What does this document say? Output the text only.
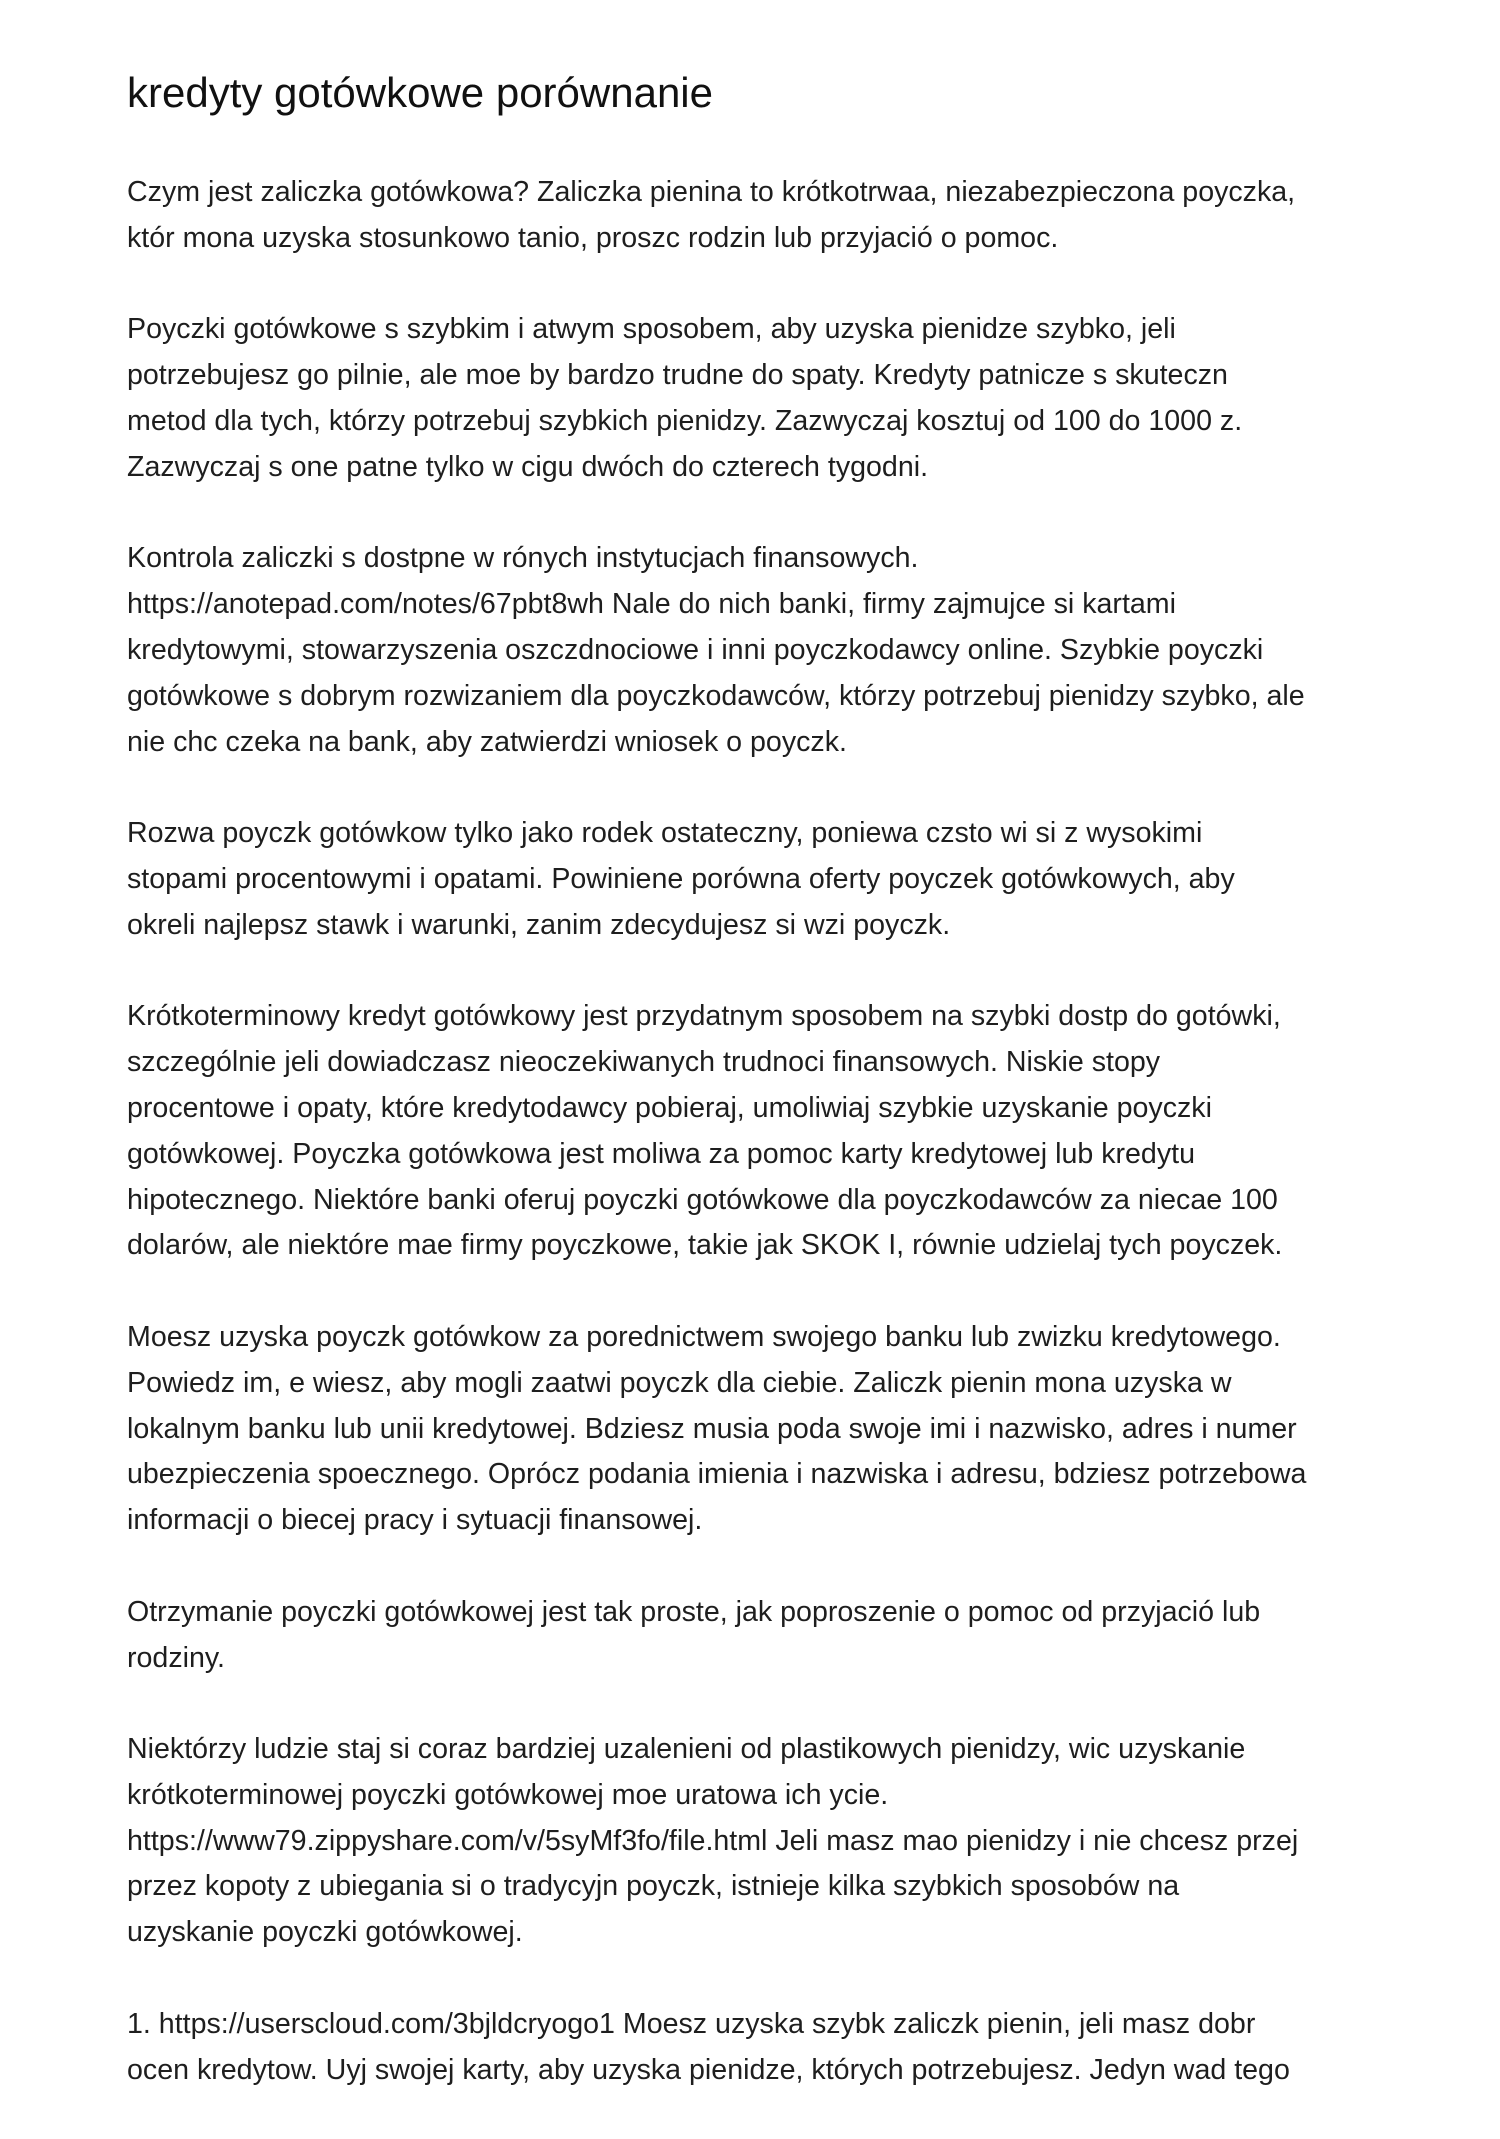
kredyty gotówkowe porównanie

Czym jest zaliczka gotówkowa? Zaliczka pienina to krótkotrwaa, niezabezpieczona poyczka,
któr mona uzyska stosunkowo tanio, proszc rodzin lub przyjació o pomoc.

Poyczki gotówkowe s szybkim i atwym sposobem, aby uzyska pienidze szybko, jeli
potrzebujesz go pilnie, ale moe by bardzo trudne do spaty. Kredyty patnicze s skuteczn
metod dla tych, którzy potrzebuj szybkich pienidzy. Zazwyczaj kosztuj od 100 do 1000 z.
Zazwyczaj s one patne tylko w cigu dwóch do czterech tygodni.

Kontrola zaliczki s dostpne w rónych instytucjach finansowych.
https://anotepad.com/notes/67pbt8wh Nale do nich banki, firmy zajmujce si kartami
kredytowymi, stowarzyszenia oszczdnociowe i inni poyczkodawcy online. Szybkie poyczki
gotówkowe s dobrym rozwizaniem dla poyczkodawców, którzy potrzebuj pienidzy szybko, ale
nie chc czeka na bank, aby zatwierdzi wniosek o poyczk.

Rozwa poyczk gotówkow tylko jako rodek ostateczny, poniewa czsto wi si z wysokimi
stopami procentowymi i opatami. Powiniene porówna oferty poyczek gotówkowych, aby
okreli najlepsz stawk i warunki, zanim zdecydujesz si wzi poyczk.

Krótkoterminowy kredyt gotówkowy jest przydatnym sposobem na szybki dostp do gotówki,
szczególnie jeli dowiadczasz nieoczekiwanych trudnoci finansowych. Niskie stopy
procentowe i opaty, które kredytodawcy pobieraj, umoliwiaj szybkie uzyskanie poyczki
gotówkowej. Poyczka gotówkowa jest moliwa za pomoc karty kredytowej lub kredytu
hipotecznego. Niektóre banki oferuj poyczki gotówkowe dla poyczkodawców za niecae 100
dolarów, ale niektóre mae firmy poyczkowe, takie jak SKOK I, równie udzielaj tych poyczek.

Moesz uzyska poyczk gotówkow za porednictwem swojego banku lub zwizku kredytowego.
Powiedz im, e wiesz, aby mogli zaatwi poyczk dla ciebie. Zaliczk pienin mona uzyska w
lokalnym banku lub unii kredytowej. Bdziesz musia poda swoje imi i nazwisko, adres i numer
ubezpieczenia spoecznego. Oprócz podania imienia i nazwiska i adresu, bdziesz potrzebowa
informacji o biecej pracy i sytuacji finansowej.

Otrzymanie poyczki gotówkowej jest tak proste, jak poproszenie o pomoc od przyjació lub
rodziny.

Niektórzy ludzie staj si coraz bardziej uzalenieni od plastikowych pienidzy, wic uzyskanie
krótkoterminowej poyczki gotówkowej moe uratowa ich ycie.
https://www79.zippyshare.com/v/5syMf3fo/file.html Jeli masz mao pienidzy i nie chcesz przej
przez kopoty z ubiegania si o tradycyjn poyczk, istnieje kilka szybkich sposobów na
uzyskanie poyczki gotówkowej.

1. https://userscloud.com/3bjldcryogo1 Moesz uzyska szybk zaliczk pienin, jeli masz dobr
ocen kredytow. Uyj swojej karty, aby uzyska pienidze, których potrzebujesz. Jedyn wad tego
